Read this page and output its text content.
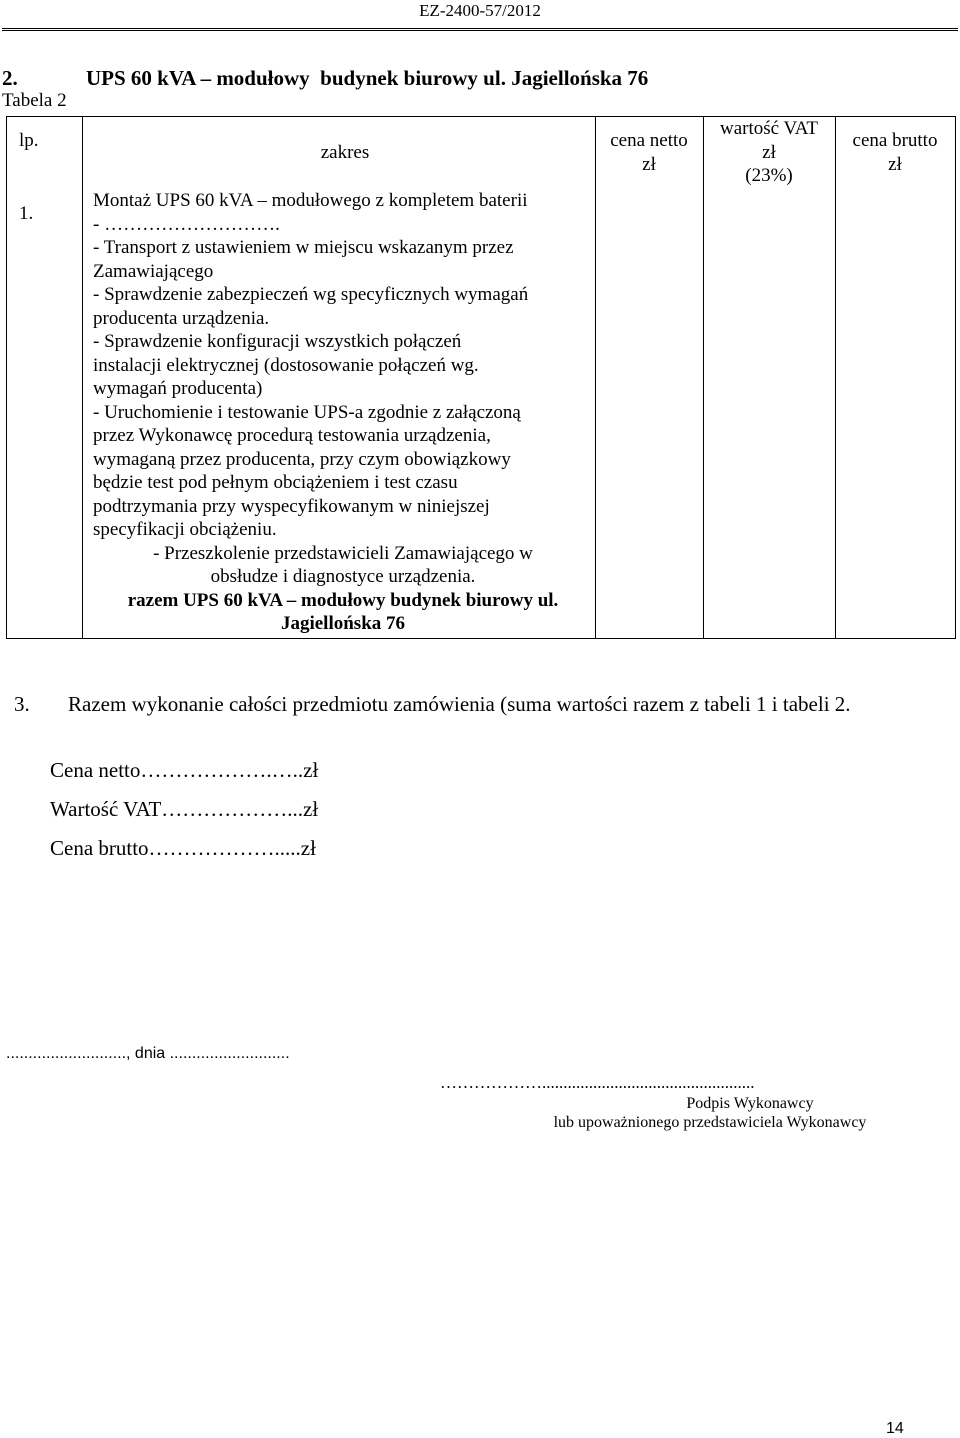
EZ-2400-57/2012
2.	UPS 60 kVA – modułowy  budynek biurowy ul. Jagiellońska 76
Tabela 2
lp.
zakres
cena netto
zł
wartość VAT
zł
(23%)
cena brutto
zł
1.
Montaż UPS 60 kVA – modułowego z kompletem baterii
- ……………………….
- Transport z ustawieniem w miejscu wskazanym przez
Zamawiającego
- Sprawdzenie zabezpieczeń wg specyficznych wymagań
producenta urządzenia.
- Sprawdzenie konfiguracji wszystkich połączeń
instalacji elektrycznej (dostosowanie połączeń wg.
wymagań producenta)
- Uruchomienie i testowanie UPS-a zgodnie z załączoną
przez Wykonawcę procedurą testowania urządzenia,
wymaganą przez producenta, przy czym obowiązkowy
będzie test pod pełnym obciążeniem i test czasu
podtrzymania przy wyspecyfikowanym w niniejszej
specyfikacji obciążeniu.
- Przeszkolenie przedstawicieli Zamawiającego w
obsłudze i diagnostyce urządzenia.
razem UPS 60 kVA – modułowy budynek biurowy ul.
Jagiellońska 76
3. Razem wykonanie całości przedmiotu zamówienia (suma wartości razem z tabeli 1 i tabeli 2.
Cena netto……………….…..zł
Wartość VAT………………...zł
Cena brutto……………….....zł
..........................., dnia ...........................
………………..................................................
Podpis Wykonawcy
lub upoważnionego przedstawiciela Wykonawcy
14
